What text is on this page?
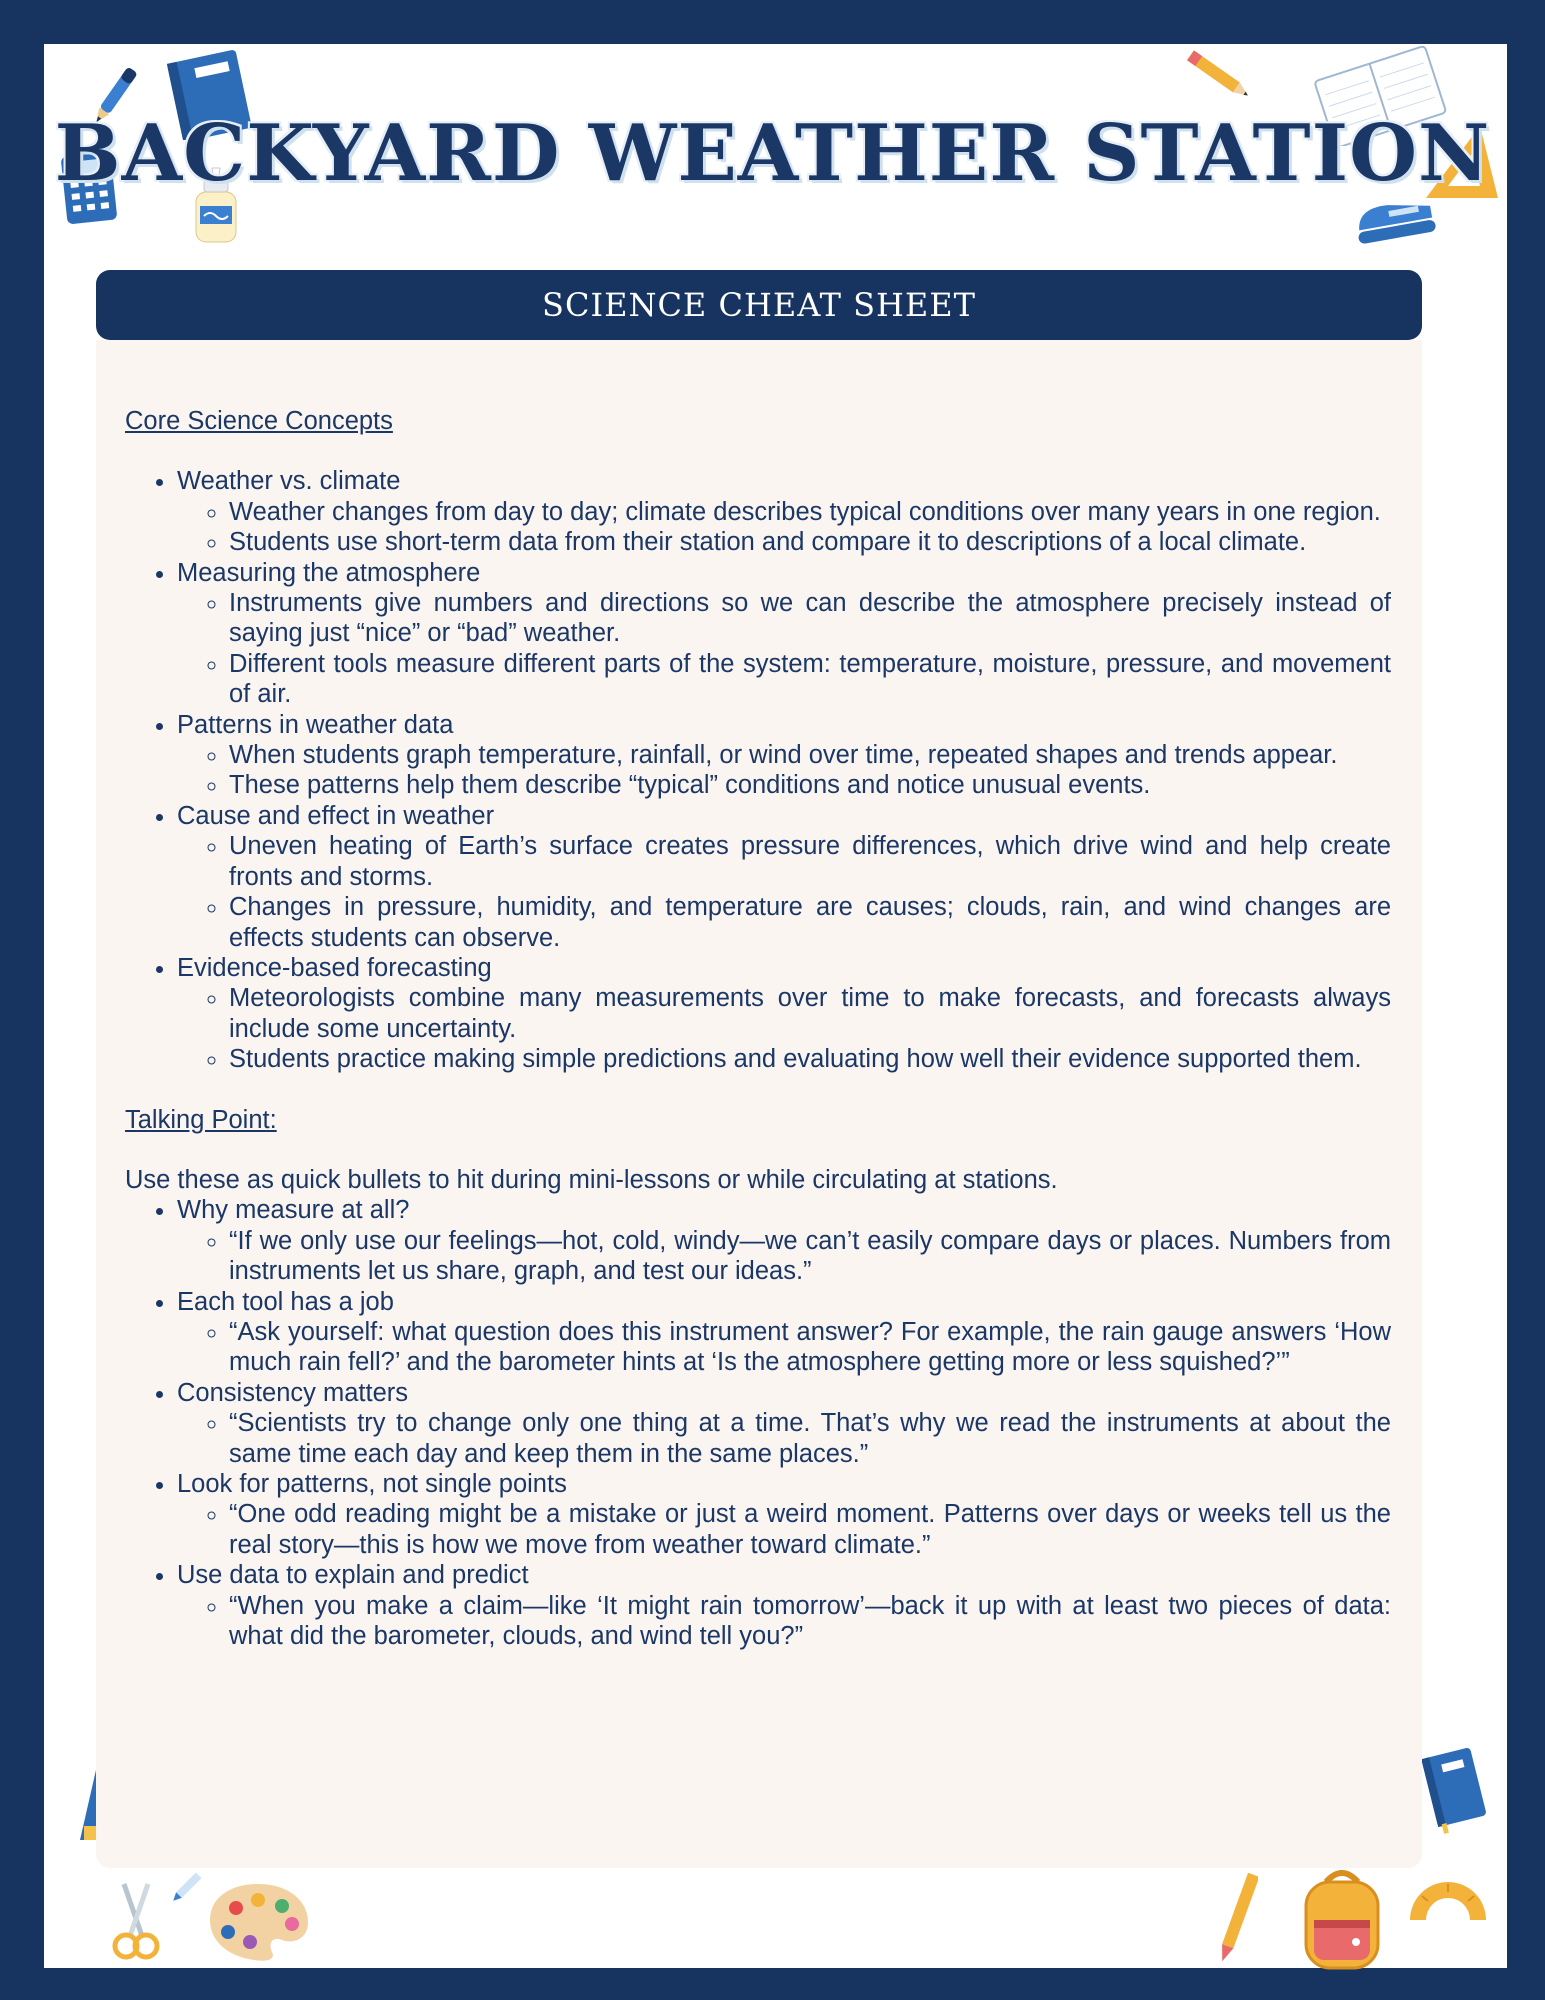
BACKYARD WEATHER STATION
SCIENCE CHEAT SHEET
Core Science Concepts
• Weather vs. climate
◦ Weather changes from day to day; climate describes typical conditions over many years in one region.
◦ Students use short-term data from their station and compare it to descriptions of a local climate.
• Measuring the atmosphere
◦ Instruments give numbers and directions so we can describe the atmosphere precisely instead of saying just “nice” or “bad” weather.
◦ Different tools measure different parts of the system: temperature, moisture, pressure, and movement of air.
• Patterns in weather data
◦ When students graph temperature, rainfall, or wind over time, repeated shapes and trends appear.
◦ These patterns help them describe “typical” conditions and notice unusual events.
• Cause and effect in weather
◦ Uneven heating of Earth’s surface creates pressure differences, which drive wind and help create fronts and storms.
◦ Changes in pressure, humidity, and temperature are causes; clouds, rain, and wind changes are effects students can observe.
• Evidence-based forecasting
◦ Meteorologists combine many measurements over time to make forecasts, and forecasts always include some uncertainty.
◦ Students practice making simple predictions and evaluating how well their evidence supported them.
Talking Point:
Use these as quick bullets to hit during mini-lessons or while circulating at stations.
• Why measure at all?
◦ “If we only use our feelings—hot, cold, windy—we can’t easily compare days or places. Numbers from instruments let us share, graph, and test our ideas.”
• Each tool has a job
◦ “Ask yourself: what question does this instrument answer? For example, the rain gauge answers ‘How much rain fell?’ and the barometer hints at ‘Is the atmosphere getting more or less squished?’”
• Consistency matters
◦ “Scientists try to change only one thing at a time. That’s why we read the instruments at about the same time each day and keep them in the same places.”
• Look for patterns, not single points
◦ “One odd reading might be a mistake or just a weird moment. Patterns over days or weeks tell us the real story—this is how we move from weather toward climate.”
• Use data to explain and predict
◦ “When you make a claim—like ‘It might rain tomorrow’—back it up with at least two pieces of data: what did the barometer, clouds, and wind tell you?”
